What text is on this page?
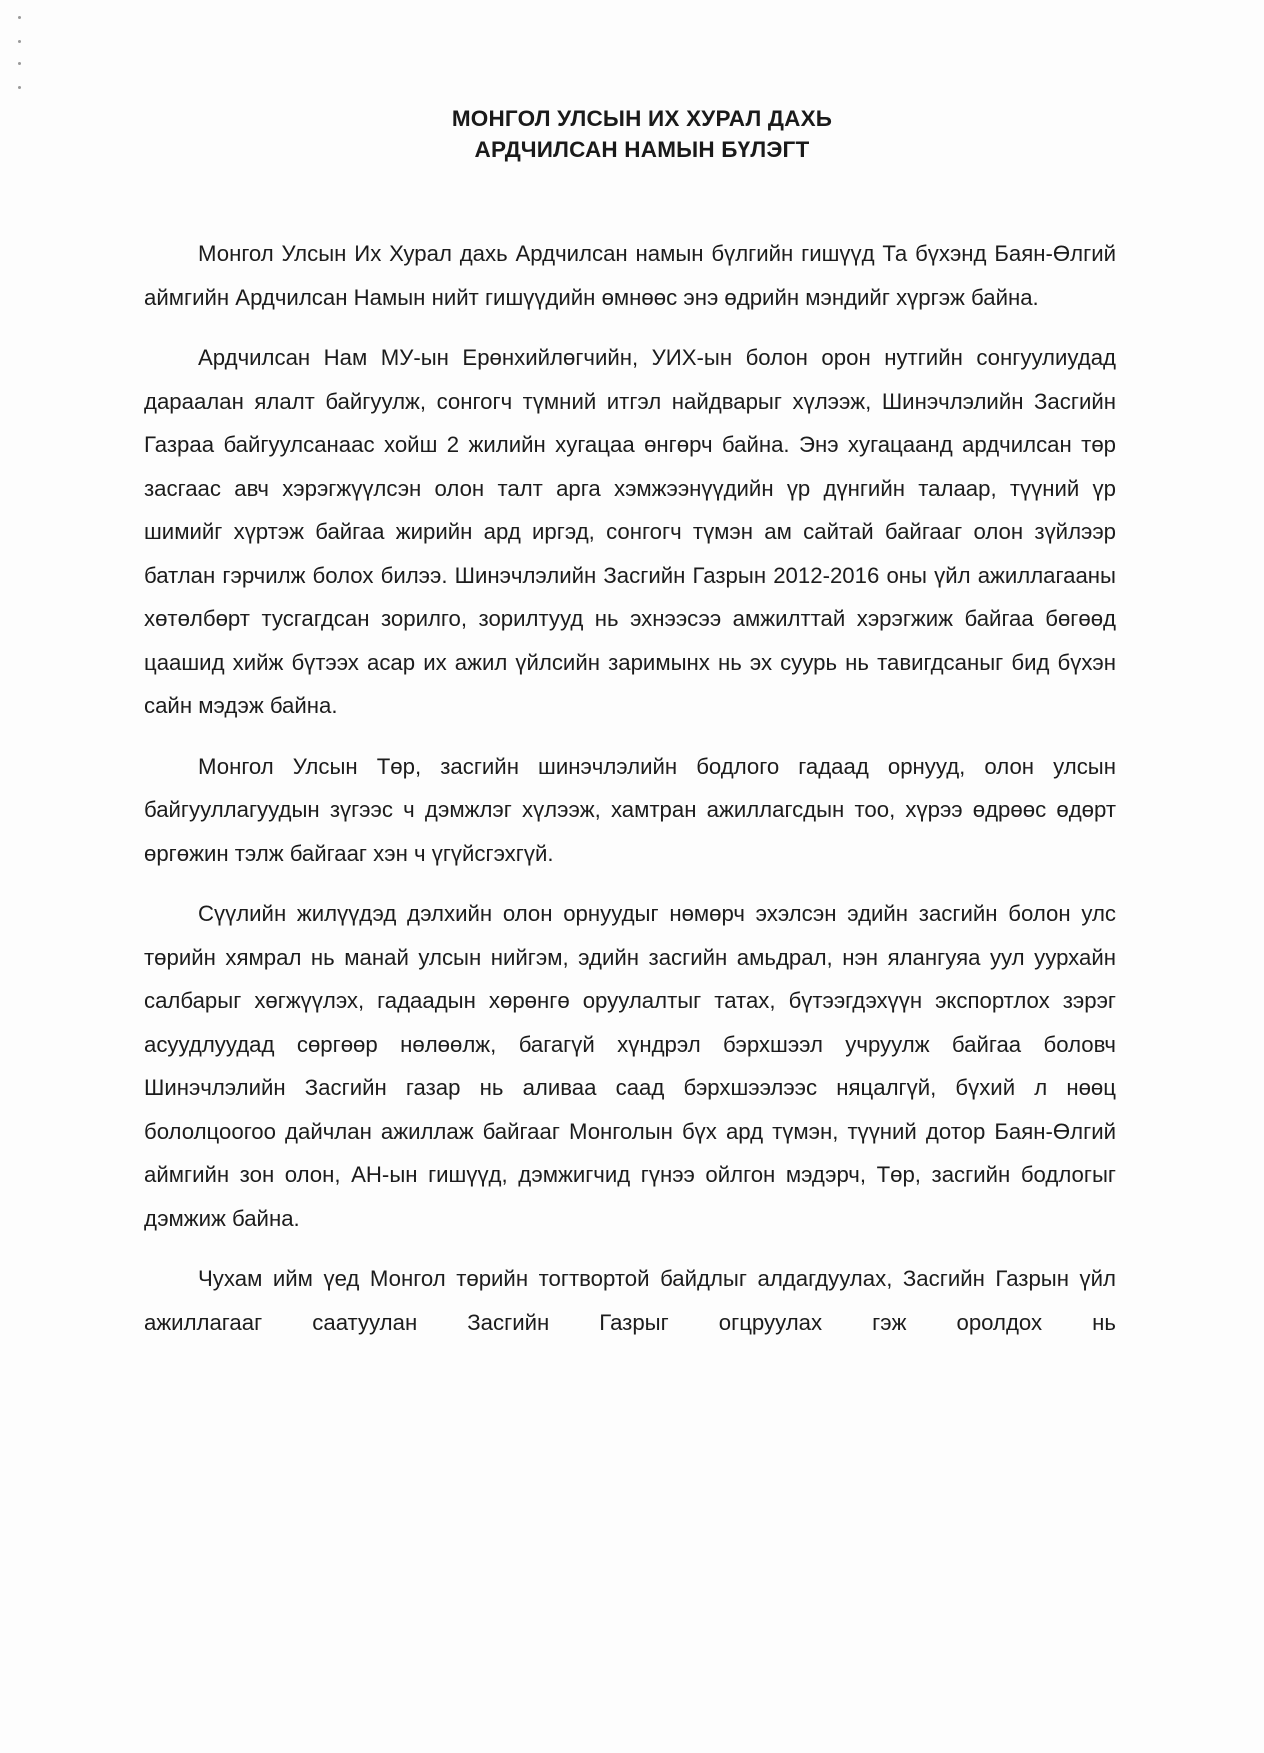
МОНГОЛ УЛСЫН ИХ ХУРАЛ ДАХЬ
АРДЧИЛСАН НАМЫН БҮЛЭГТ

Монгол Улсын Их Хурал дахь Ардчилсан намын бүлгийн гишүүд Та бүхэнд Баян-Өлгий аймгийн Ардчилсан Намын нийт гишүүдийн өмнөөс энэ өдрийн мэндийг хүргэж байна.

Ардчилсан Нам МУ-ын Ерөнхийлөгчийн, УИХ-ын болон орон нутгийн сонгуулиудад дараалан ялалт байгуулж, сонгогч түмний итгэл найдварыг хүлээж, Шинэчлэлийн Засгийн Газраа байгуулсанаас хойш 2 жилийн хугацаа өнгөрч байна. Энэ хугацаанд ардчилсан төр засгаас авч хэрэгжүүлсэн олон талт арга хэмжээнүүдийн үр дүнгийн талаар, түүний үр шимийг хүртэж байгаа жирийн ард иргэд, сонгогч түмэн ам сайтай байгааг олон зүйлээр батлан гэрчилж болох билээ. Шинэчлэлийн Засгийн Газрын 2012-2016 оны үйл ажиллагааны хөтөлбөрт тусгагдсан зорилго, зорилтууд нь эхнээсээ амжилттай хэрэгжиж байгаа бөгөөд цаашид хийж бүтээх асар их ажил үйлсийн заримынх нь эх суурь нь тавигдсаныг бид бүхэн сайн мэдэж байна.

Монгол Улсын Төр, засгийн шинэчлэлийн бодлого гадаад орнууд, олон улсын байгууллагуудын зүгээс ч дэмжлэг хүлээж, хамтран ажиллагсдын тоо, хүрээ өдрөөс өдөрт өргөжин тэлж байгааг хэн ч үгүйсгэхгүй.

Сүүлийн жилүүдэд дэлхийн олон орнуудыг нөмөрч эхэлсэн эдийн засгийн болон улс төрийн хямрал нь манай улсын нийгэм, эдийн засгийн амьдрал, нэн ялангуяа уул уурхайн салбарыг хөгжүүлэх, гадаадын хөрөнгө оруулалтыг татах, бүтээгдэхүүн экспортлох зэрэг асуудлуудад сөргөөр нөлөөлж, багагүй хүндрэл бэрхшээл учруулж байгаа боловч Шинэчлэлийн Засгийн газар нь аливаа саад бэрхшээлээс няцалгүй, бүхий л нөөц бололцоогоо дайчлан ажиллаж байгааг Монголын бүх ард түмэн, түүний дотор Баян-Өлгий аймгийн зон олон, АН-ын гишүүд, дэмжигчид гүнээ ойлгон мэдэрч, Төр, засгийн бодлогыг дэмжиж байна.

Чухам ийм үед Монгол төрийн тогтвортой байдлыг алдагдуулах, Засгийн Газрын үйл ажиллагааг саатуулан Засгийн Газрыг огцруулах гэж оролдох нь
